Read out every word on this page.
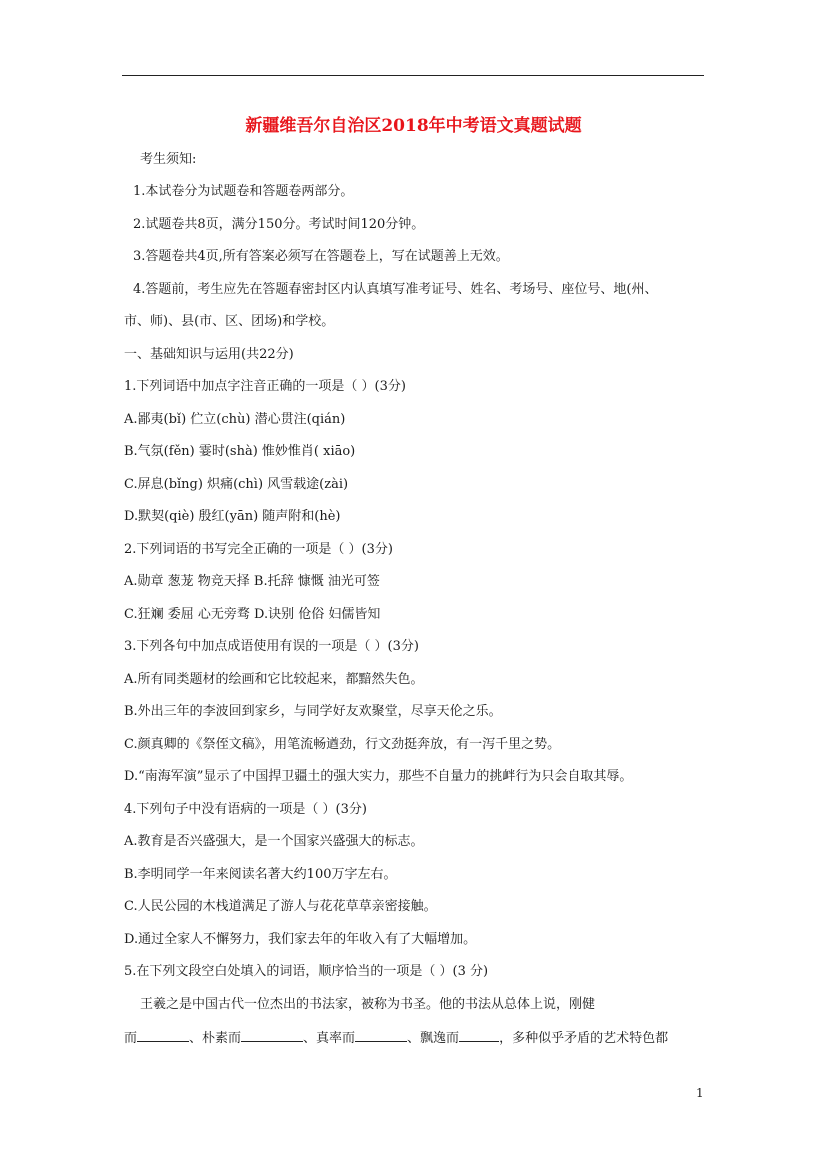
新疆维吾尔自治区2018年中考语文真题试题
考生须知:
1.本试卷分为试题卷和答题卷两部分。
2.试题卷共8页，满分150分。考试时间120分钟。
3.答题卷共4页,所有答案必须写在答题卷上，写在试题善上无效。
4.答题前，考生应先在答题春密封区内认真填写准考证号、姓名、考场号、座位号、地(州、
市、师)、县(市、区、团场)和学校。
一、基础知识与运用(共22分)
1.下列词语中加点字注音正确的一项是（ ）(3分)
A.鄙夷(bǐ) 伫立(chù) 潜心贯注(qián)
B.气氛(fěn) 霎时(shà) 惟妙惟肖( xiāo)
C.屏息(bǐng) 炽痛(chì) 风雪载途(zài)
D.默契(qiè) 殷红(yān) 随声附和(hè)
2.下列词语的书写完全正确的一项是（ ）(3分)
A.勋章 葱茏 物竞天择 B.托辞 慷慨 油光可签
C.狂斓 委屈 心无旁骛 D.诀别 伧俗 妇儒皆知
3.下列各句中加点成语使用有误的一项是（ ）(3分)
A.所有同类题材的绘画和它比较起来，都黯然失色。
B.外出三年的李波回到家乡，与同学好友欢聚堂，尽享天伦之乐。
C.颜真卿的《祭侄文稿》，用笔流畅遒劲，行文劲挺奔放，有一泻千里之势。
D.“南海军演”显示了中国捍卫疆土的强大实力，那些不自量力的挑衅行为只会自取其辱。
4.下列句子中没有语病的一项是（ ）(3分)
A.教育是否兴盛强大，是一个国家兴盛强大的标志。
B.李明同学一年来阅读名著大约100万字左右。
C.人民公园的木栈道满足了游人与花花草草亲密接触。
D.通过全家人不懈努力，我们家去年的年收入有了大幅增加。
5.在下列文段空白处填入的词语，顺序恰当的一项是（ ）(3 分)
王羲之是中国古代一位杰出的书法家，被称为书圣。他的书法从总体上说，刚健
而	、朴素而	、真率而	、飘逸而	，多种似乎矛盾的艺术特色都
1
